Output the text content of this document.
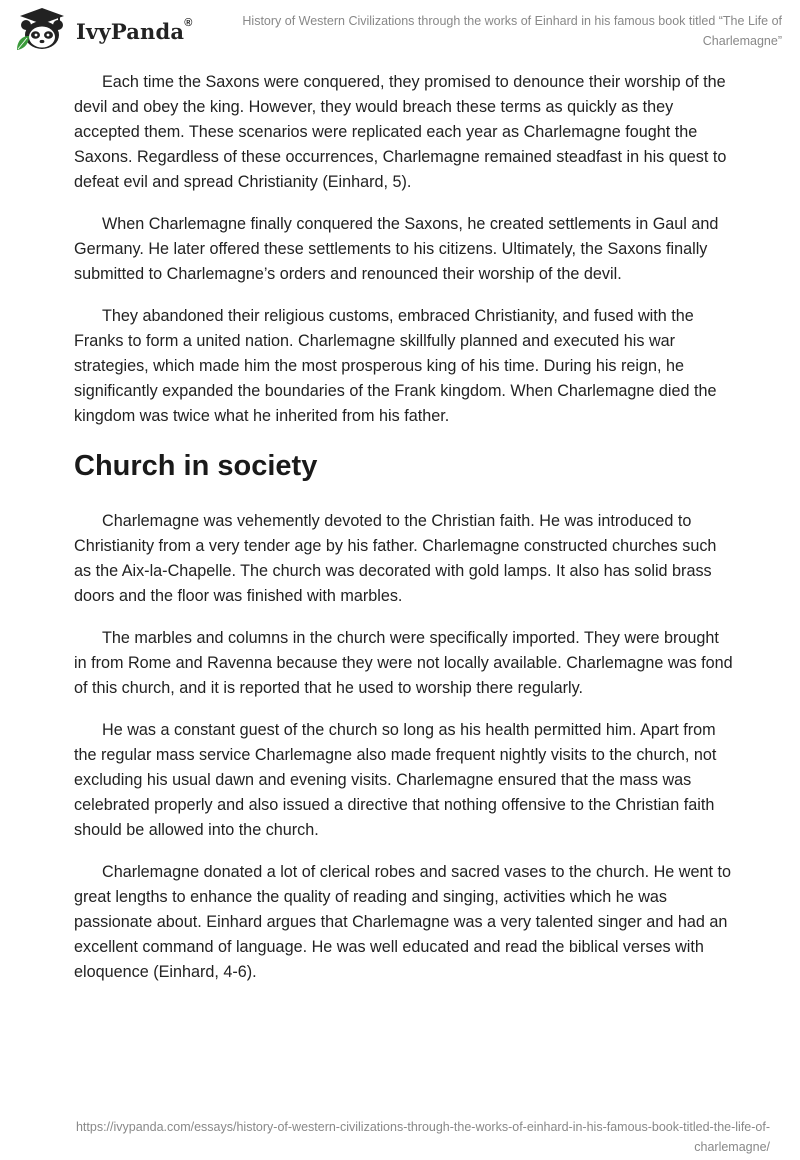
IvyPanda®	History of Western Civilizations through the works of Einhard in his famous book titled “The Life of Charlemagne”

Each time the Saxons were conquered, they promised to denounce their worship of the devil and obey the king. However, they would breach these terms as quickly as they accepted them. These scenarios were replicated each year as Charlemagne fought the Saxons. Regardless of these occurrences, Charlemagne remained steadfast in his quest to defeat evil and spread Christianity (Einhard, 5).

When Charlemagne finally conquered the Saxons, he created settlements in Gaul and Germany. He later offered these settlements to his citizens. Ultimately, the Saxons finally submitted to Charlemagne’s orders and renounced their worship of the devil.

They abandoned their religious customs, embraced Christianity, and fused with the Franks to form a united nation. Charlemagne skillfully planned and executed his war strategies, which made him the most prosperous king of his time. During his reign, he significantly expanded the boundaries of the Frank kingdom. When Charlemagne died the kingdom was twice what he inherited from his father.

Church in society

Charlemagne was vehemently devoted to the Christian faith. He was introduced to Christianity from a very tender age by his father. Charlemagne constructed churches such as the Aix-la-Chapelle. The church was decorated with gold lamps. It also has solid brass doors and the floor was finished with marbles.

The marbles and columns in the church were specifically imported. They were brought in from Rome and Ravenna because they were not locally available. Charlemagne was fond of this church, and it is reported that he used to worship there regularly.

He was a constant guest of the church so long as his health permitted him. Apart from the regular mass service Charlemagne also made frequent nightly visits to the church, not excluding his usual dawn and evening visits. Charlemagne ensured that the mass was celebrated properly and also issued a directive that nothing offensive to the Christian faith should be allowed into the church.

Charlemagne donated a lot of clerical robes and sacred vases to the church. He went to great lengths to enhance the quality of reading and singing, activities which he was passionate about. Einhard argues that Charlemagne was a very talented singer and had an excellent command of language. He was well educated and read the biblical verses with eloquence (Einhard, 4-6).

https://ivypanda.com/essays/history-of-western-civilizations-through-the-works-of-einhard-in-his-famous-book-titled-the-life-of-charlemagne/
